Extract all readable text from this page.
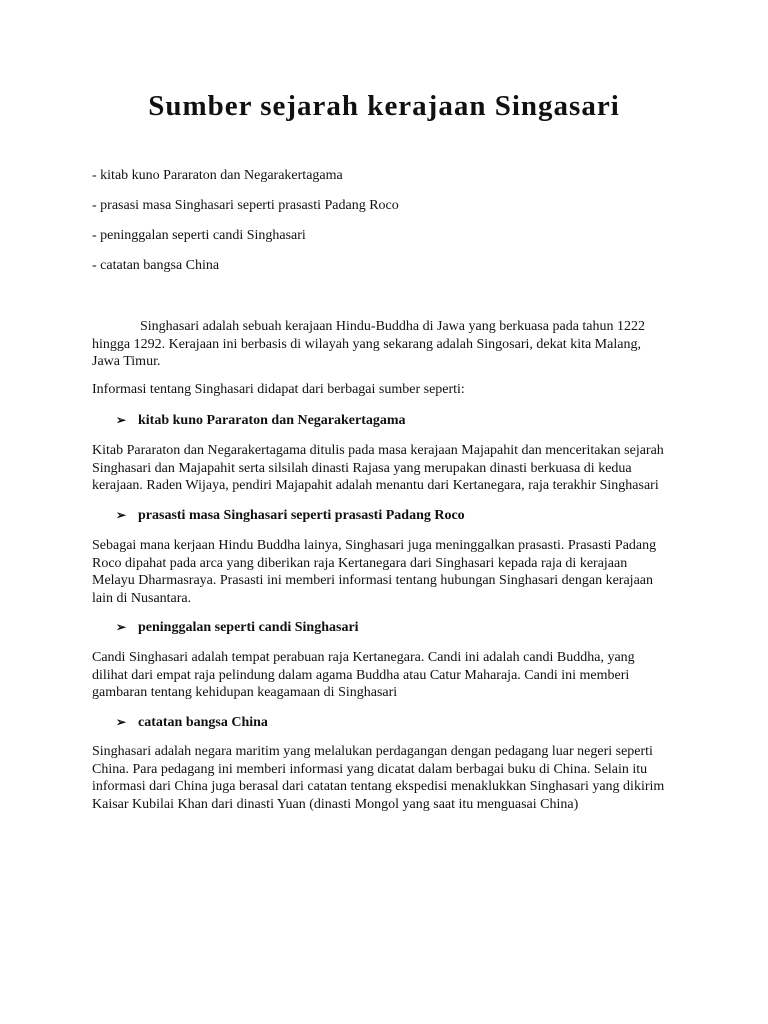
Sumber sejarah kerajaan Singasari

- kitab kuno Pararaton dan Negarakertagama

- prasasi masa Singhasari seperti prasasti Padang Roco

- peninggalan seperti candi Singhasari

- catatan bangsa China

Singhasari adalah sebuah kerajaan Hindu-Buddha di Jawa yang berkuasa pada tahun 1222
hingga 1292. Kerajaan ini berbasis di wilayah yang sekarang adalah Singosari, dekat kita Malang,
Jawa Timur.

Informasi tentang Singhasari didapat dari berbagai sumber seperti:

➢ kitab kuno Pararaton dan Negarakertagama

Kitab Pararaton dan Negarakertagama ditulis pada masa kerajaan Majapahit dan menceritakan sejarah
Singhasari dan Majapahit serta silsilah dinasti Rajasa yang merupakan dinasti berkuasa di kedua
kerajaan. Raden Wijaya, pendiri Majapahit adalah menantu dari Kertanegara, raja terakhir Singhasari

➢ prasasti masa Singhasari seperti prasasti Padang Roco

Sebagai mana kerjaan Hindu Buddha lainya, Singhasari juga meninggalkan prasasti. Prasasti Padang
Roco dipahat pada arca yang diberikan raja Kertanegara dari Singhasari kepada raja di kerajaan
Melayu Dharmasraya. Prasasti ini memberi informasi tentang hubungan Singhasari dengan kerajaan
lain di Nusantara.

➢ peninggalan seperti candi Singhasari

Candi Singhasari adalah tempat perabuan raja Kertanegara. Candi ini adalah candi Buddha, yang
dilihat dari empat raja pelindung dalam agama Buddha atau Catur Maharaja. Candi ini memberi
gambaran tentang kehidupan keagamaan di Singhasari

➢ catatan bangsa China

Singhasari adalah negara maritim yang melalukan perdagangan dengan pedagang luar negeri seperti
China. Para pedagang ini memberi informasi yang dicatat dalam berbagai buku di China. Selain itu
informasi dari China juga berasal dari catatan tentang ekspedisi menaklukkan Singhasari yang dikirim
Kaisar Kubilai Khan dari dinasti Yuan (dinasti Mongol yang saat itu menguasai China)
